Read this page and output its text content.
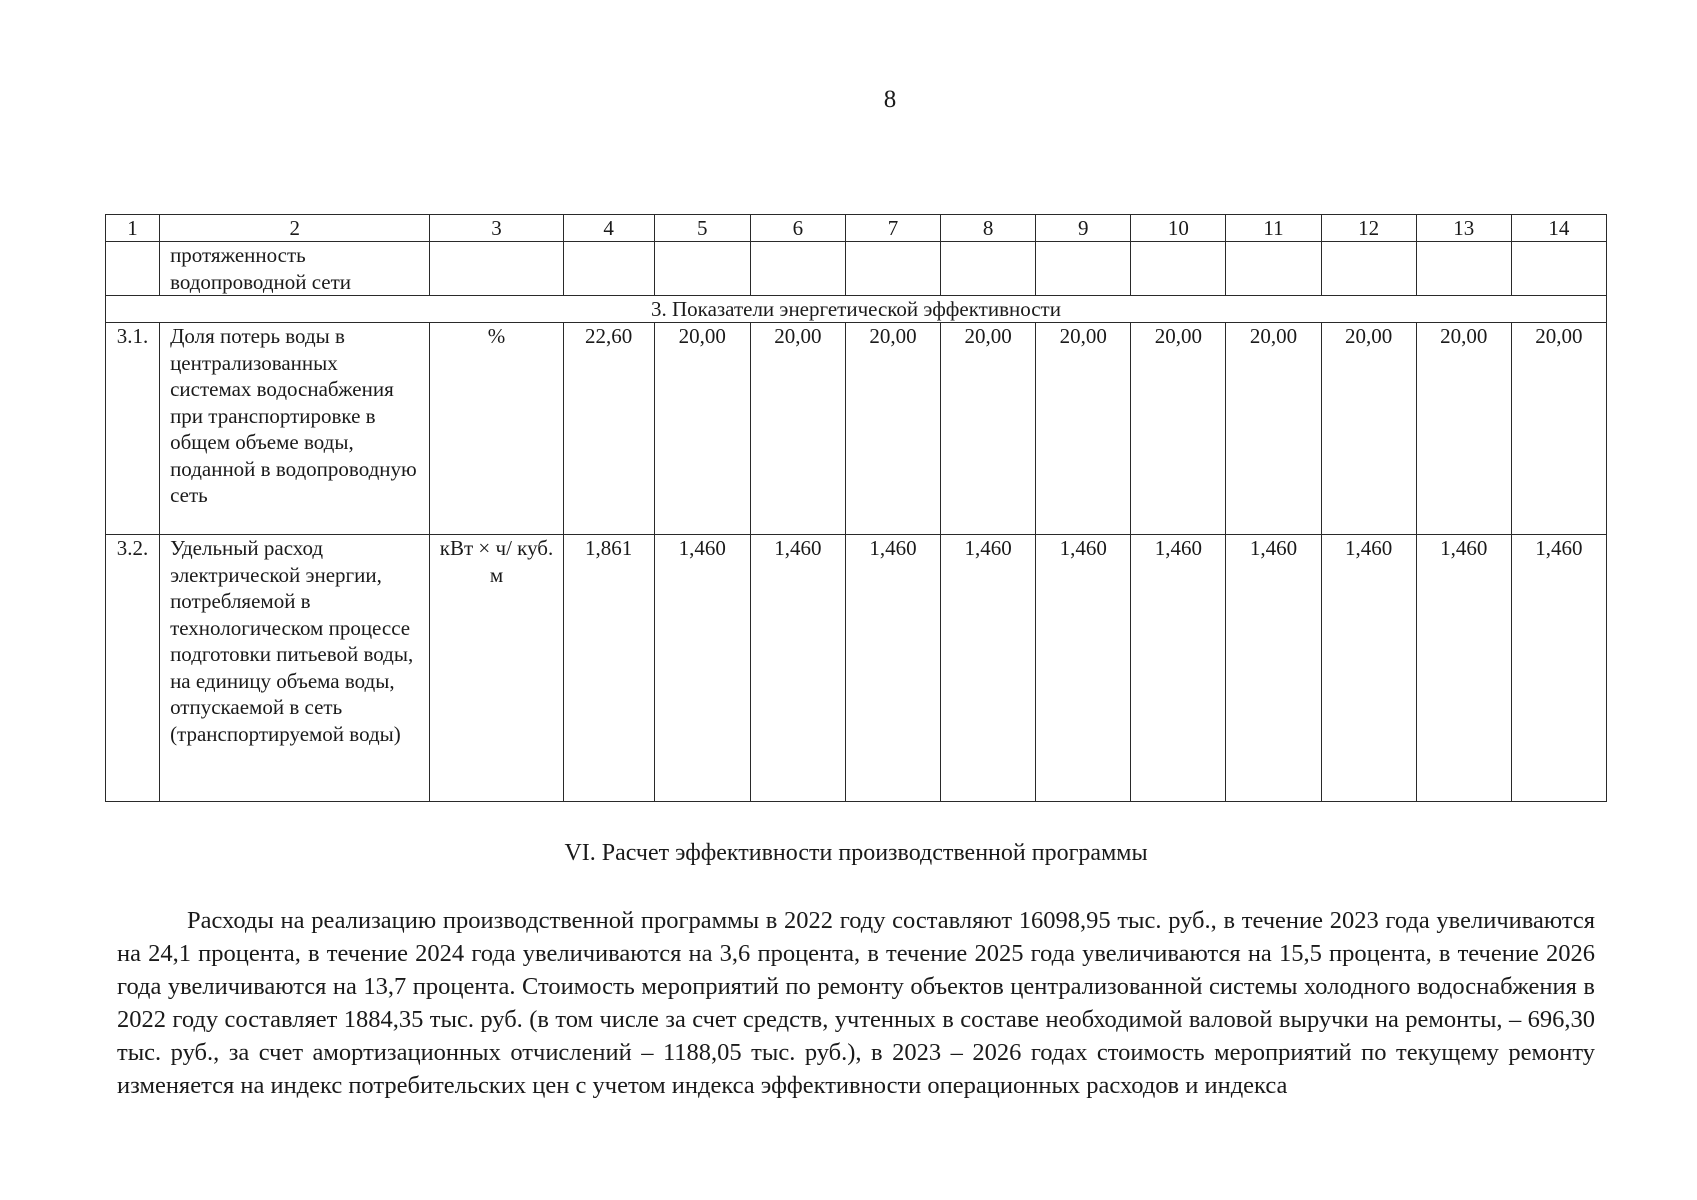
8
1	2	3	4	5	6	7	8	9	10	11	12	13	14
	протяженность водопроводной сети												
3. Показатели энергетической эффективности													
3.1.	Доля потерь воды в централизованных системах водоснабжения при транспортировке в общем объеме воды, поданной в водопроводную сеть	%	22,60	20,00	20,00	20,00	20,00	20,00	20,00	20,00	20,00	20,00	20,00
3.2.	Удельный расход электрической энергии, потребляемой в технологическом процессе подготовки питьевой воды, на единицу объема воды, отпускаемой в сеть (транспортируемой воды)	кВт × ч/ куб. м	1,861	1,460	1,460	1,460	1,460	1,460	1,460	1,460	1,460	1,460	1,460
VI. Расчет эффективности производственной программы

Расходы на реализацию производственной программы в 2022 году составляют 16098,95 тыс. руб., в течение 2023 года увеличиваются на 24,1 процента, в течение 2024 года увеличиваются на 3,6 процента, в течение 2025 года увеличиваются на 15,5 процента, в течение 2026 года увеличиваются на 13,7 процента. Стоимость мероприятий по ремонту объектов централизованной системы холодного водоснабжения в 2022 году составляет 1884,35 тыс. руб. (в том числе за счет средств, учтенных в составе необходимой валовой выручки на ремонты, – 696,30 тыс. руб., за счет амортизационных отчислений – 1188,05 тыс. руб.), в 2023 – 2026 годах стоимость мероприятий по текущему ремонту изменяется на индекс потребительских цен с учетом индекса эффективности операционных расходов и индекса
